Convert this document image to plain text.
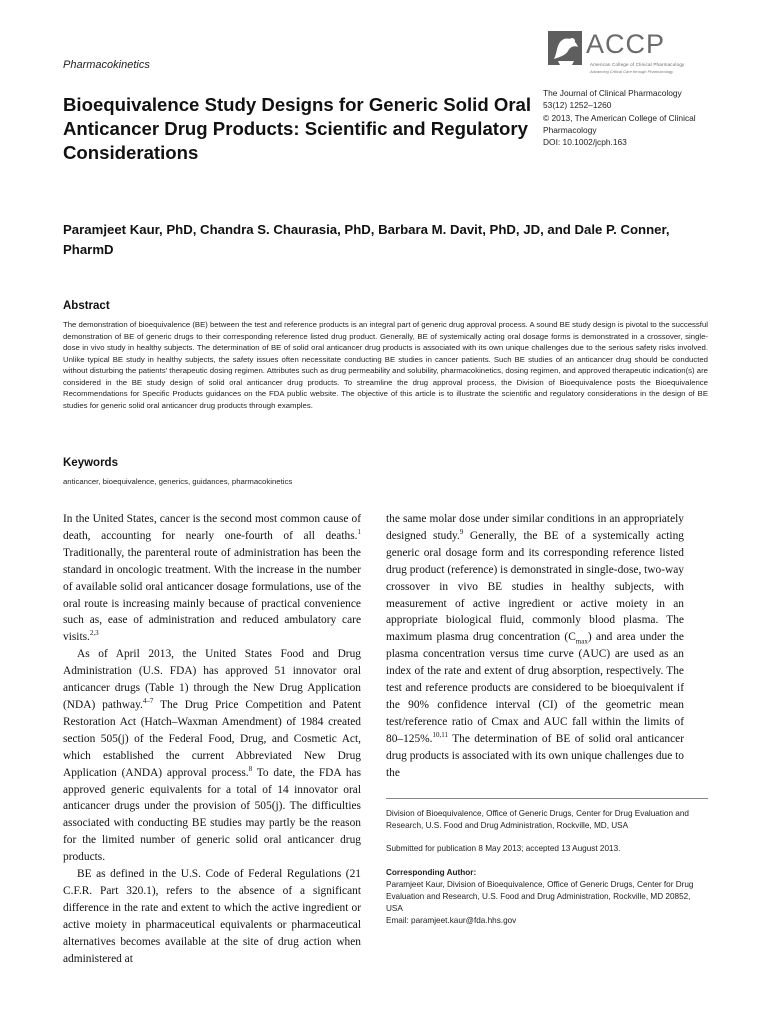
Pharmacokinetics
ACCP
American College of Clinical Pharmacology
Advancing Critical Care through Pharmacology
Bioequivalence Study Designs for Generic Solid Oral Anticancer Drug Products: Scientific and Regulatory Considerations
The Journal of Clinical Pharmacology
53(12) 1252–1260
© 2013, The American College of Clinical Pharmacology
DOI: 10.1002/jcph.163
Paramjeet Kaur, PhD, Chandra S. Chaurasia, PhD, Barbara M. Davit, PhD, JD, and Dale P. Conner, PharmD
Abstract
The demonstration of bioequivalence (BE) between the test and reference products is an integral part of generic drug approval process. A sound BE study design is pivotal to the successful demonstration of BE of generic drugs to their corresponding reference listed drug product. Generally, BE of systemically acting oral dosage forms is demonstrated in a crossover, single-dose in vivo study in healthy subjects. The determination of BE of solid oral anticancer drug products is associated with its own unique challenges due to the serious safety risks involved. Unlike typical BE study in healthy subjects, the safety issues often necessitate conducting BE studies in cancer patients. Such BE studies of an anticancer drug should be conducted without disturbing the patients' therapeutic dosing regimen. Attributes such as drug permeability and solubility, pharmacokinetics, dosing regimen, and approved therapeutic indication(s) are considered in the BE study design of solid oral anticancer drug products. To streamline the drug approval process, the Division of Bioequivalence posts the Bioequivalence Recommendations for Specific Products guidances on the FDA public website. The objective of this article is to illustrate the scientific and regulatory considerations in the design of BE studies for generic solid oral anticancer drug products through examples.
Keywords
anticancer, bioequivalence, generics, guidances, pharmacokinetics

In the United States, cancer is the second most common cause of death, accounting for nearly one-fourth of all deaths.$^1$ Traditionally, the parenteral route of administration has been the standard in oncologic treatment. With the increase in the number of available solid oral anticancer dosage formulations, use of the oral route is increasing mainly because of practical convenience such as, ease of administration and reduced ambulatory care visits.$^{2,3}$

As of April 2013, the United States Food and Drug Administration (U.S. FDA) has approved 51 innovator oral anticancer drugs (Table 1) through the New Drug Application (NDA) pathway.$^{4-7}$ The Drug Price Competition and Patent Restoration Act (Hatch–Waxman Amendment) of 1984 created section 505(j) of the Federal Food, Drug, and Cosmetic Act, which established the current Abbreviated New Drug Application (ANDA) approval process.$^8$ To date, the FDA has approved generic equivalents for a total of 14 innovator oral anticancer drugs under the provision of 505(j). The difficulties associated with conducting BE studies may partly be the reason for the limited number of generic solid oral anticancer drug products.

BE as defined in the U.S. Code of Federal Regulations (21 C.F.R. Part 320.1), refers to the absence of a significant difference in the rate and extent to which the active ingredient or active moiety in pharmaceutical equivalents or pharmaceutical alternatives becomes available at the site of drug action when administered at

the same molar dose under similar conditions in an appropriately designed study.$^9$ Generally, the BE of a systemically acting generic oral dosage form and its corresponding reference listed drug product (reference) is demonstrated in single-dose, two-way crossover in vivo BE studies in healthy subjects, with measurement of active ingredient or active moiety in an appropriate biological fluid, commonly blood plasma. The maximum plasma drug concentration $(C_{max})$ and area under the plasma concentration versus time curve (AUC) are used as an index of the rate and extent of drug absorption, respectively. The test and reference products are considered to be bioequivalent if the 90% confidence interval (CI) of the geometric mean test/reference ratio of Cmax and AUC fall within the limits of 80–125%.$^{10,11}$ The determination of BE of solid oral anticancer drug products is associated with its own unique challenges due to the

Division of Bioequivalence, Office of Generic Drugs, Center for Drug Evaluation and Research, U.S. Food and Drug Administration, Rockville, MD, USA
Submitted for publication 8 May 2013; accepted 13 August 2013.
Corresponding Author:
Paramjeet Kaur, Division of Bioequivalence, Office of Generic Drugs, Center for Drug Evaluation and Research, U.S. Food and Drug Administration, Rockville, MD 20852, USA
Email: paramjeet.kaur@fda.hhs.gov
